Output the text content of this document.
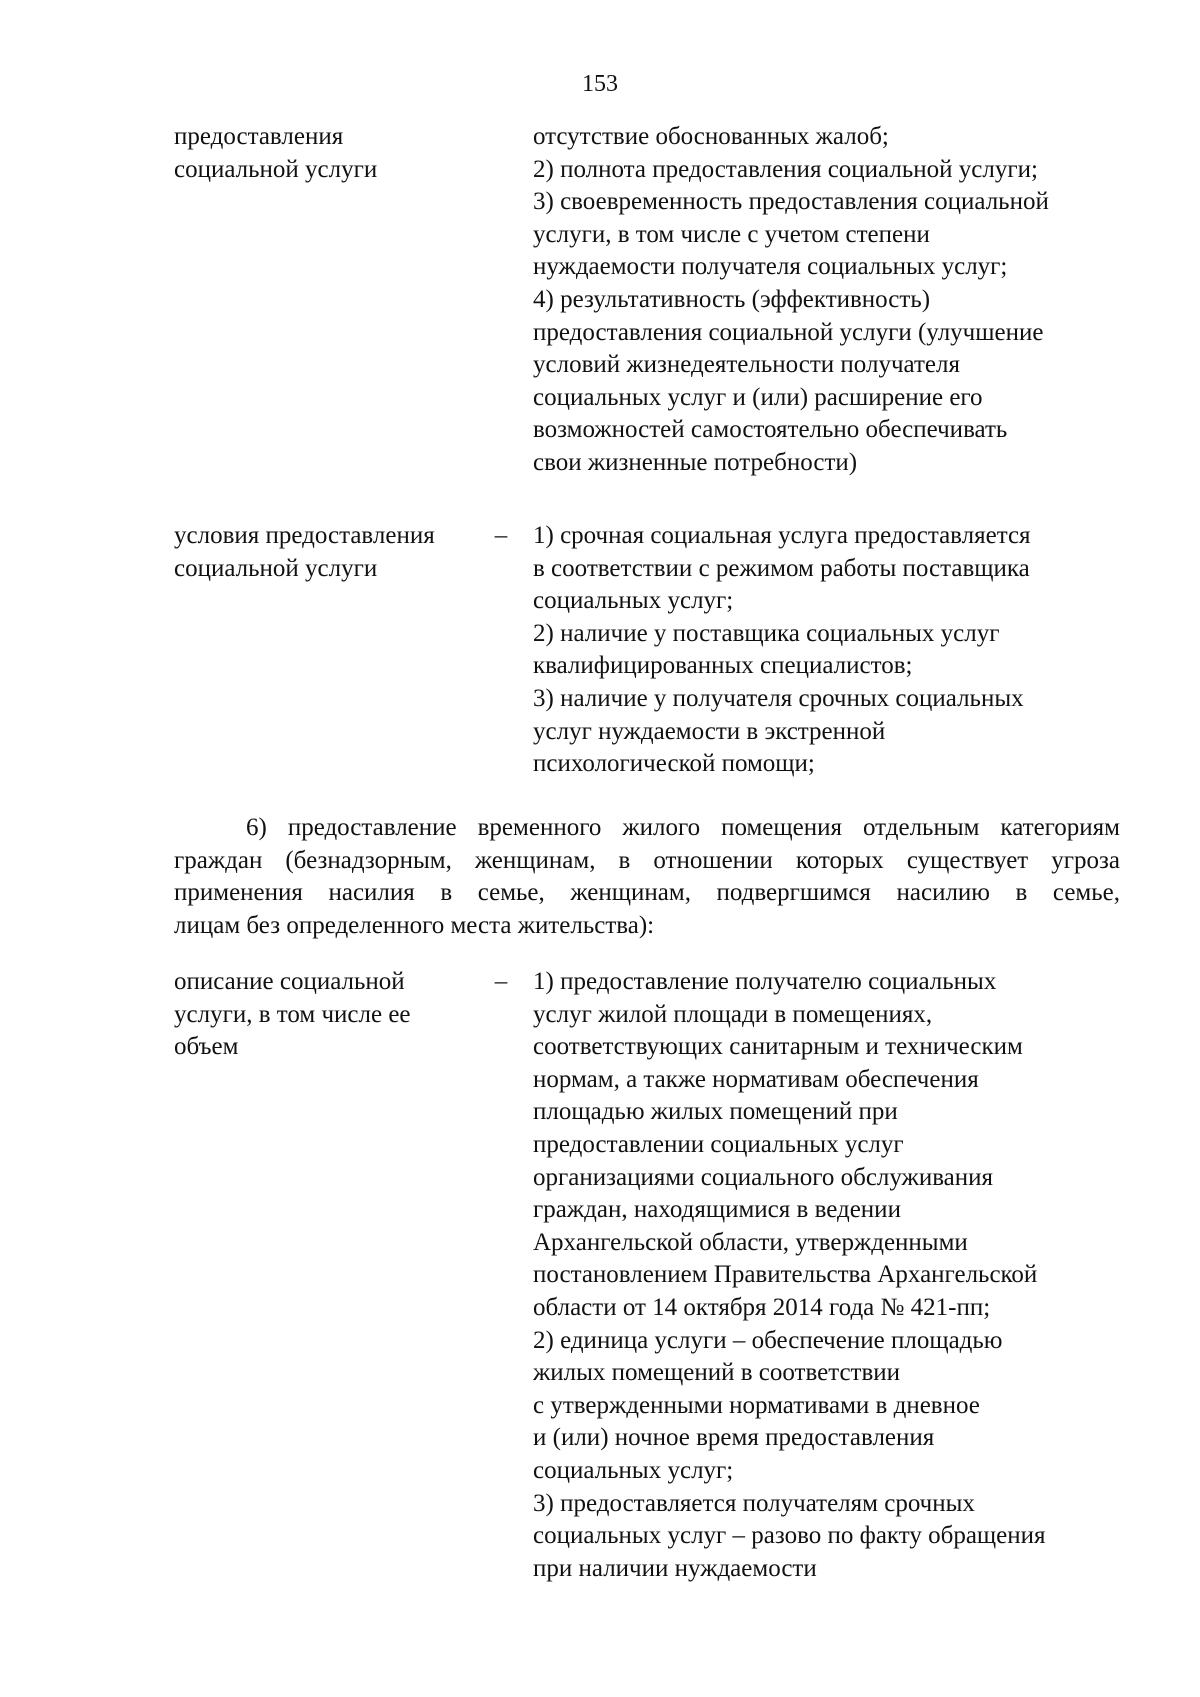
153
предоставления
социальной услуги
отсутствие обоснованных жалоб;
2) полнота предоставления социальной услуги;
3) своевременность предоставления социальной
услуги, в том числе с учетом степени
нуждаемости получателя социальных услуг;
4) результативность (эффективность)
предоставления социальной услуги (улучшение
условий жизнедеятельности получателя
социальных услуг и (или) расширение его
возможностей самостоятельно обеспечивать
свои жизненные потребности)
условия предоставления
социальной услуги
–	1) срочная социальная услуга предоставляется
в соответствии с режимом работы поставщика
социальных услуг;
2) наличие у поставщика социальных услуг
квалифицированных специалистов;
3) наличие у получателя срочных социальных
услуг нуждаемости в экстренной
психологической помощи;
6) предоставление временного жилого помещения отдельным категориям
граждан (безнадзорным, женщинам, в отношении которых существует угроза
применения насилия в семье, женщинам, подвергшимся насилию в семье,
лицам без определенного места жительства):
описание социальной
услуги, в том числе ее
объем
–	1) предоставление получателю социальных
услуг жилой площади в помещениях,
соответствующих санитарным и техническим
нормам, а также нормативам обеспечения
площадью жилых помещений при
предоставлении социальных услуг
организациями социального обслуживания
граждан, находящимися в ведении
Архангельской области, утвержденными
постановлением Правительства Архангельской
области от 14 октября 2014 года № 421-пп;
2) единица услуги – обеспечение площадью
жилых помещений в соответствии
с утвержденными нормативами в дневное
и (или) ночное время предоставления
социальных услуг;
3) предоставляется получателям срочных
социальных услуг – разово по факту обращения
при наличии нуждаемости
